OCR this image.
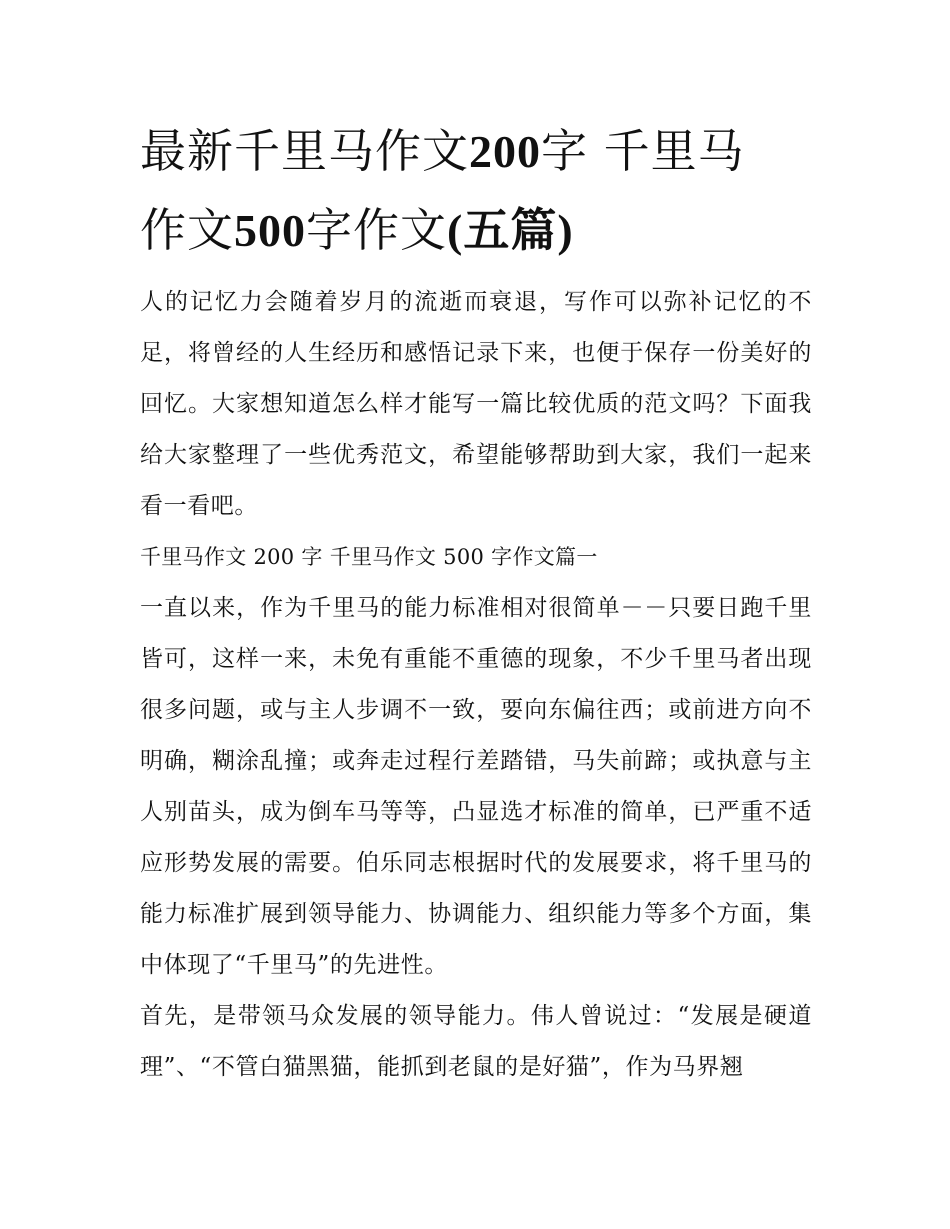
最新千里马作文200字 千里马
作文500字作文(五篇)

人的记忆力会随着岁月的流逝而衰退，写作可以弥补记忆的不足，将曾经的人生经历和感悟记录下来，也便于保存一份美好的回忆。大家想知道怎么样才能写一篇比较优质的范文吗？下面我给大家整理了一些优秀范文，希望能够帮助到大家，我们一起来看一看吧。

千里马作文 200 字 千里马作文 500 字作文篇一

一直以来，作为千里马的能力标准相对很简单－－只要日跑千里皆可，这样一来，未免有重能不重德的现象，不少千里马者出现很多问题，或与主人步调不一致，要向东偏往西；或前进方向不明确，糊涂乱撞；或奔走过程行差踏错，马失前蹄；或执意与主人别苗头，成为倒车马等等，凸显选才标准的简单，已严重不适应形势发展的需要。伯乐同志根据时代的发展要求，将千里马的能力标准扩展到领导能力、协调能力、组织能力等多个方面，集中体现了“千里马”的先进性。

首先，是带领马众发展的领导能力。伟人曾说过：“发展是硬道理”、“不管白猫黑猫，能抓到老鼠的是好猫”，作为马界翘
